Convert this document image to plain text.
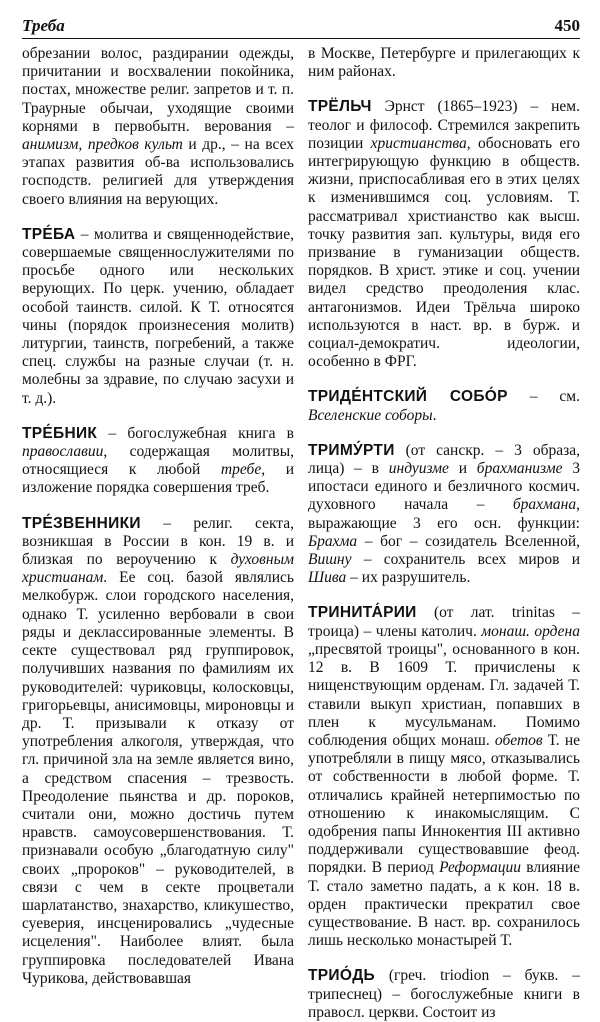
Треба	450

обрезании волос, раздирании одежды, причитании и восхвалении покойника, постах, множестве религ. запретов и т. п. Траурные обычаи, уходящие своими корнями в первобытн. верования – анимизм, предков культ и др., – на всех этапах развития об-ва использовались господств. религией для утверждения своего влияния на верующих.

ТРЕ́БА – молитва и священнодействие, совершаемые священнослужителями по просьбе одного или нескольких верующих. По церк. учению, обладает особой таинств. силой. К Т. относятся чины (порядок произнесения молитв) литургии, таинств, погребений, а также спец. службы на разные случаи (т. н. молебны за здравие, по случаю засухи и т. д.).

ТРЕ́БНИК – богослужебная книга в православии, содержащая молитвы, относящиеся к любой требе, и изложение порядка совершения треб.

ТРЕ́ЗВЕННИКИ – религ. секта, возникшая в России в кон. 19 в. и близкая по вероучению к духовным христианам. Ее соц. базой являлись мелкобурж. слои городского населения, однако Т. усиленно вербовали в свои ряды и деклассированные элементы. В секте существовал ряд группировок, получивших названия по фамилиям их руководителей: чуриковцы, колосковцы, григорьевцы, анисимовцы, мироновцы и др. Т. призывали к отказу от употребления алкоголя, утверждая, что гл. причиной зла на земле является вино, а средством спасения – трезвость. Преодоление пьянства и др. пороков, считали они, можно достичь путем нравств. самоусовершенствования. Т. признавали особую „благодатную силу" своих „пророков" – руководителей, в связи с чем в секте процветали шарлатанство, знахарство, кликушество, суеверия, инсценировались „чудесные исцеления". Наиболее влият. была группировка последователей Ивана Чурикова, действовавшая

в Москве, Петербурге и прилегающих к ним районах.

ТРЁЛЬЧ Эрнст (1865–1923) – нем. теолог и философ. Стремился закрепить позиции христианства, обосновать его интегрирующую функцию в обществ. жизни, приспосабливая его в этих целях к изменившимся соц. условиям. Т. рассматривал христианство как высш. точку развития зап. культуры, видя его призвание в гуманизации обществ. порядков. В христ. этике и соц. учении видел средство преодоления клас. антагонизмов. Идеи Трёльча широко используются в наст. вр. в бурж. и социал-демократич. идеологии, особенно в ФРГ.

ТРИДЕ́НТСКИЙ СОБО́Р – см. Вселенские соборы.

ТРИМУ́РТИ (от санскр. – 3 образа, лица) – в индуизме и брахманизме 3 ипостаси единого и безличного космич. духовного начала – брахмана, выражающие 3 его осн. функции: Брахма – бог – созидатель Вселенной, Вишну – сохранитель всех миров и Шива – их разрушитель.

ТРИНИТА́РИИ (от лат. trinitas – троица) – члены католич. монаш. ордена „пресвятой троицы", основанного в кон. 12 в. В 1609 Т. причислены к нищенствующим орденам. Гл. задачей Т. ставили выкуп христиан, попавших в плен к мусульманам. Помимо соблюдения общих монаш. обетов Т. не употребляли в пищу мясо, отказывались от собственности в любой форме. Т. отличались крайней нетерпимостью по отношению к инакомыслящим. С одобрения папы Иннокентия III активно поддерживали существовавшие феод. порядки. В период Реформации влияние Т. стало заметно падать, а к кон. 18 в. орден практически прекратил свое существование. В наст. вр. сохранилось лишь несколько монастырей Т.

ТРИО́ДЬ (греч. triodion – букв. – трипеснец) – богослужебные книги в правосл. церкви. Состоит из
